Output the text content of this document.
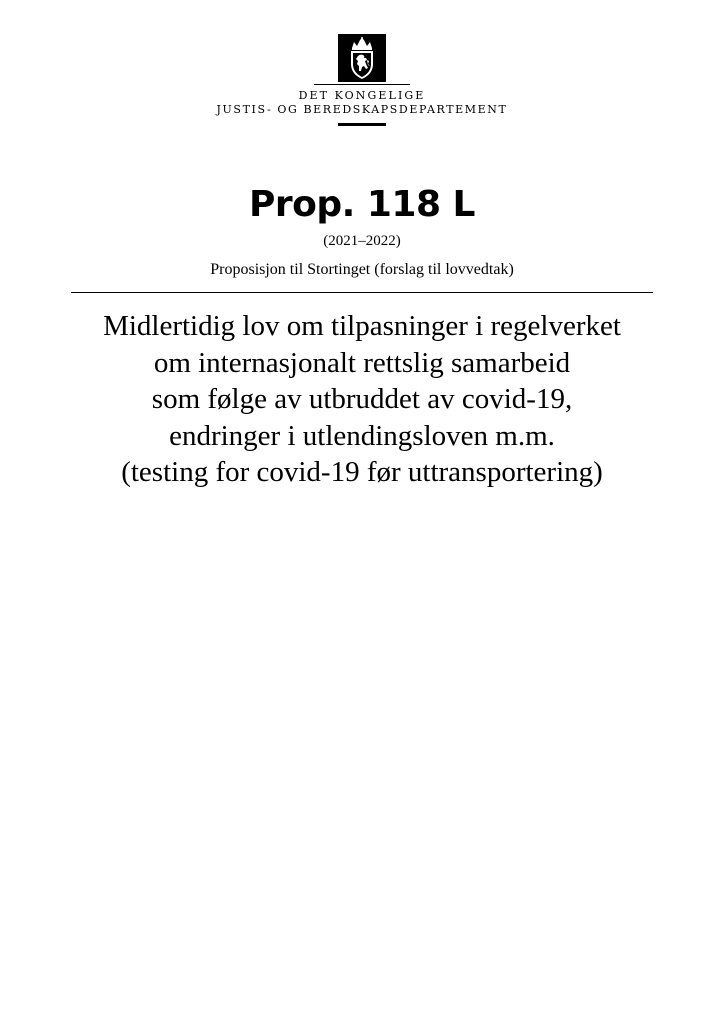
DET KONGELIGE
JUSTIS- OG BEREDSKAPSDEPARTEMENT
Prop. 118 L
(2021–2022)
Proposisjon til Stortinget (forslag til lovvedtak)
Midlertidig lov om tilpasninger i regelverket
om internasjonalt rettslig samarbeid
som følge av utbruddet av covid-19,
endringer i utlendingsloven m.m.
(testing for covid-19 før uttransportering)
